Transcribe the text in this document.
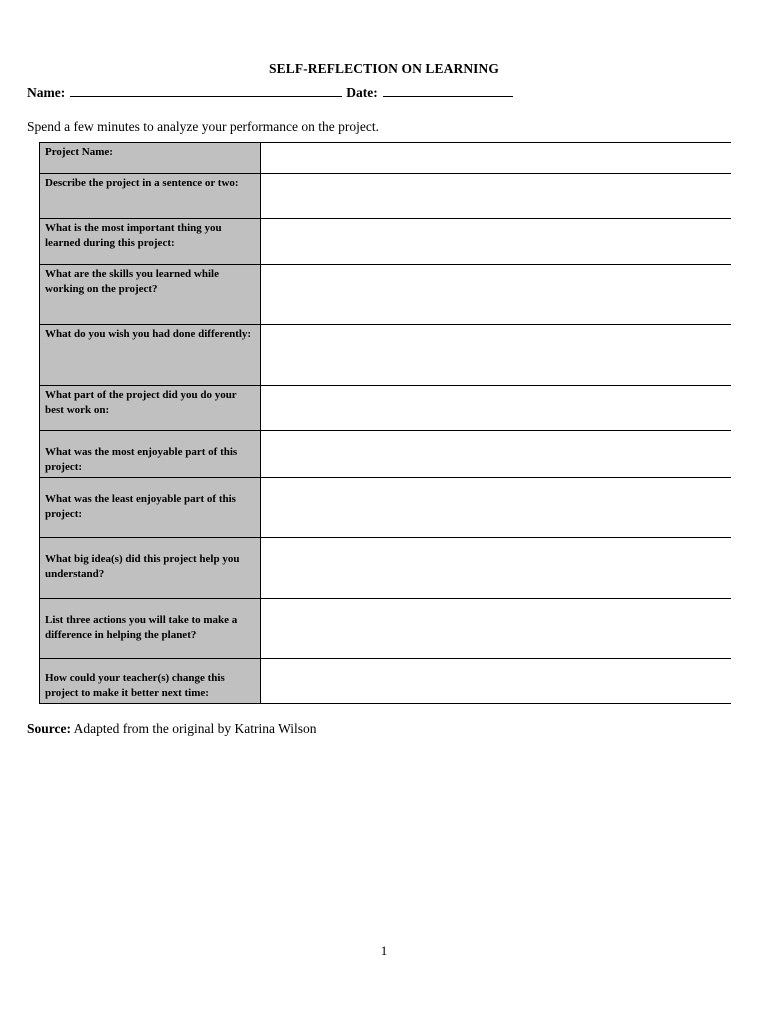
SELF-REFLECTION ON LEARNING
Name:	Date:
Spend a few minutes to analyze your performance on the project.
Project Name:	
Describe the project in a sentence or two:	
What is the most important thing you learned during this project:	
What are the skills you learned while working on the project?	
What do you wish you had done differently:	
What part of the project did you do your best work on:	
What was the most enjoyable part of this project:	
What was the least enjoyable part of this project:	
What big idea(s) did this project help you understand?	
List three actions you will take to make a difference in helping the planet?	
How could your teacher(s) change this project to make it better next time:	
Source: Adapted from the original by Katrina Wilson
1
